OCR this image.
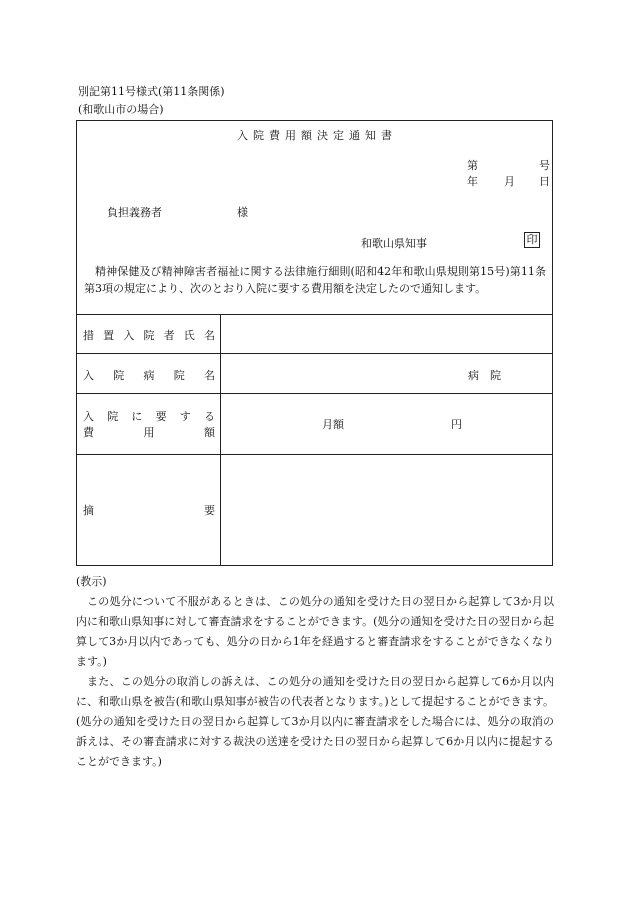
別記第11号様式(第11条関係)
(和歌山市の場合)
入 院 費 用 額 決 定 通 知 書
第	号
年 月 日
負担義務者	様
和歌山県知事	印
精神保健及び精神障害者福祉に関する法律施行細則(昭和42年和歌山県規則第15号)第11条第3項の規定により、次のとおり入院に要する費用額を決定したので通知します。
措 置 入 院 者 氏 名
入 院 病 院 名	病　院
入 院 に 要 す る
費	用	額
月額	円
摘	要

(教示)

この処分について不服があるときは、この処分の通知を受けた日の翌日から起算して3か月以内に和歌山県知事に対して審査請求をすることができます。(処分の通知を受けた日の翌日から起算して3か月以内であっても、処分の日から1年を経過すると審査請求をすることができなくなります。)

また、この処分の取消しの訴えは、この処分の通知を受けた日の翌日から起算して6か月以内に、和歌山県を被告(和歌山県知事が被告の代表者となります。)として提起することができます。(処分の通知を受けた日の翌日から起算して3か月以内に審査請求をした場合には、処分の取消の訴えは、その審査請求に対する裁決の送達を受けた日の翌日から起算して6か月以内に提起することができます。)
